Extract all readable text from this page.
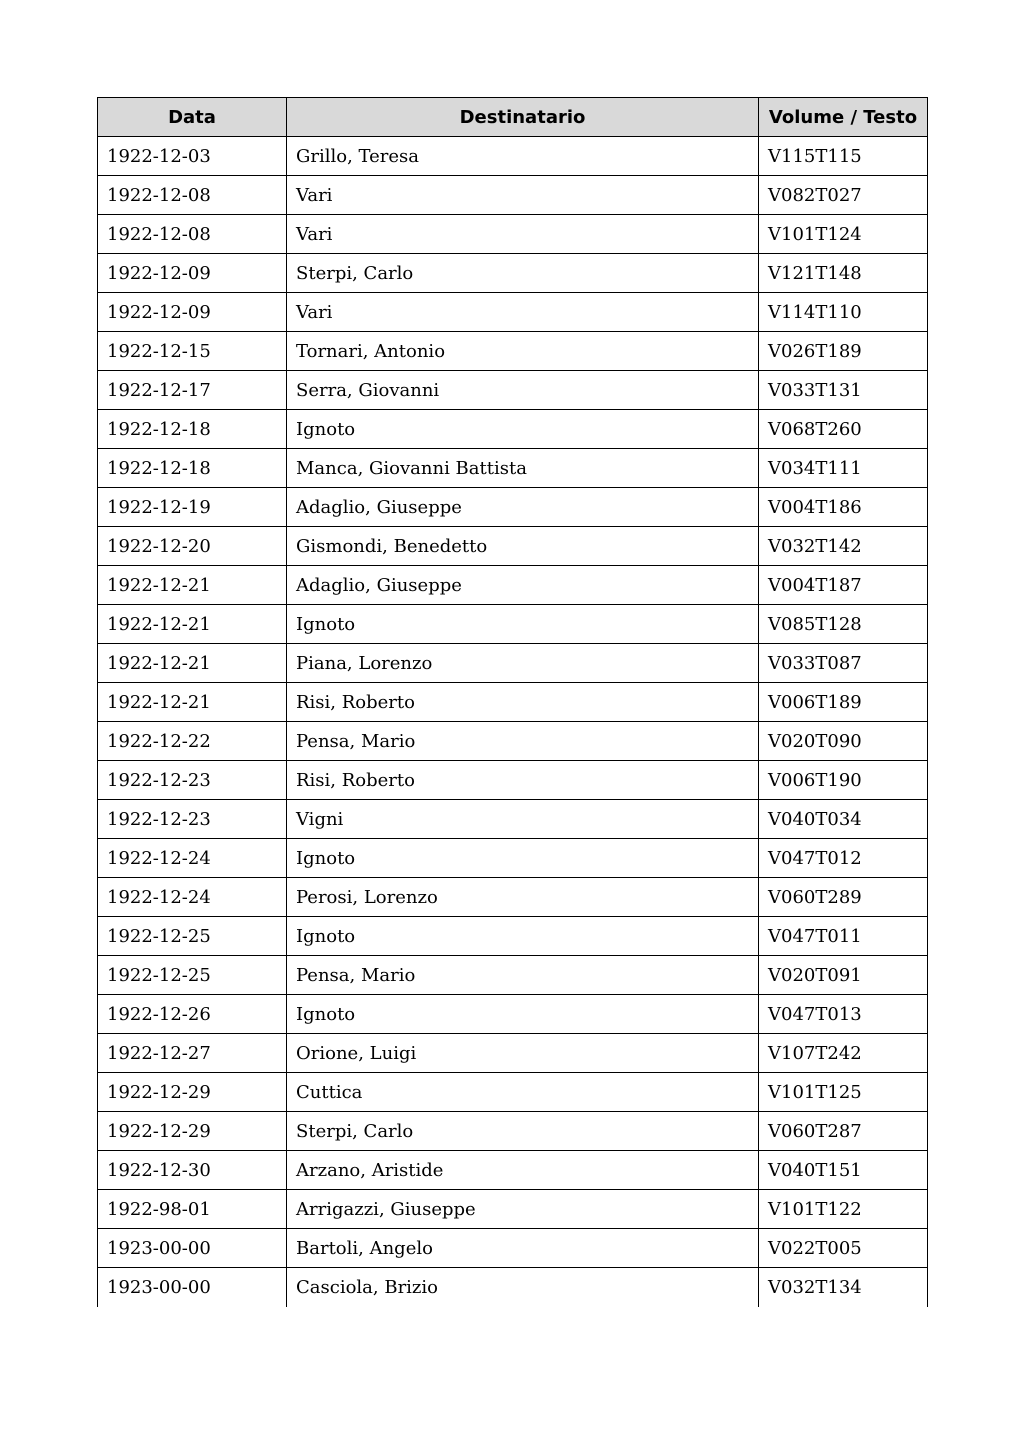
Data	Destinatario	Volume / Testo
1922-12-03	Grillo, Teresa	V115T115
1922-12-08	Vari	V082T027
1922-12-08	Vari	V101T124
1922-12-09	Sterpi, Carlo	V121T148
1922-12-09	Vari	V114T110
1922-12-15	Tornari, Antonio	V026T189
1922-12-17	Serra, Giovanni	V033T131
1922-12-18	Ignoto	V068T260
1922-12-18	Manca, Giovanni Battista	V034T111
1922-12-19	Adaglio, Giuseppe	V004T186
1922-12-20	Gismondi, Benedetto	V032T142
1922-12-21	Adaglio, Giuseppe	V004T187
1922-12-21	Ignoto	V085T128
1922-12-21	Piana, Lorenzo	V033T087
1922-12-21	Risi, Roberto	V006T189
1922-12-22	Pensa, Mario	V020T090
1922-12-23	Risi, Roberto	V006T190
1922-12-23	Vigni	V040T034
1922-12-24	Ignoto	V047T012
1922-12-24	Perosi, Lorenzo	V060T289
1922-12-25	Ignoto	V047T011
1922-12-25	Pensa, Mario	V020T091
1922-12-26	Ignoto	V047T013
1922-12-27	Orione, Luigi	V107T242
1922-12-29	Cuttica	V101T125
1922-12-29	Sterpi, Carlo	V060T287
1922-12-30	Arzano, Aristide	V040T151
1922-98-01	Arrigazzi, Giuseppe	V101T122
1923-00-00	Bartoli, Angelo	V022T005
1923-00-00	Casciola, Brizio	V032T134
